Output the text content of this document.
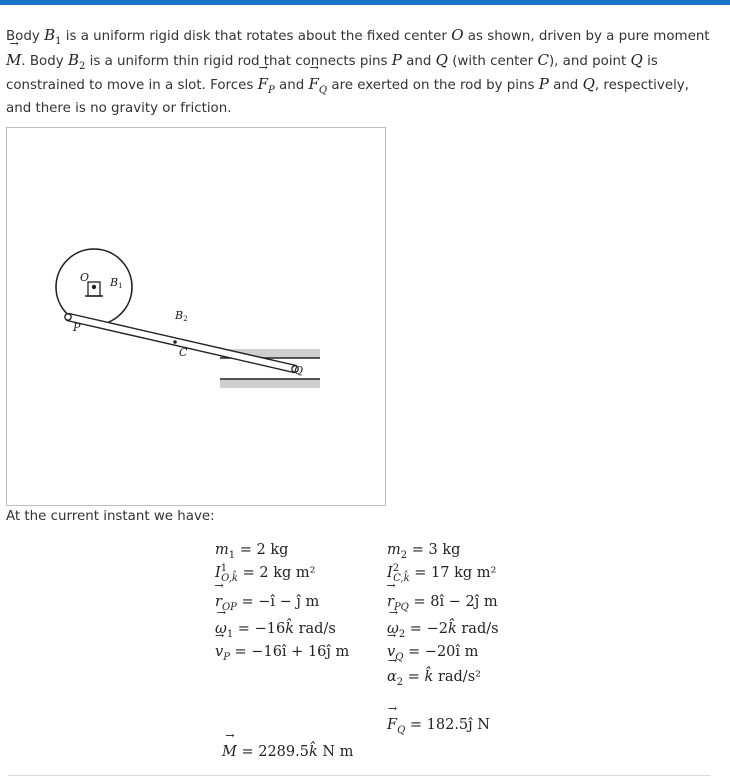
Body $B_1$ is a uniform rigid disk that rotates about the fixed center O as shown, driven by a pure moment → M. Body $B_2$ is a uniform thin rigid rod that connects pins P and Q (with center C), and point Q is constrained to move in a slot. Forces → $F_P$ and → $F_Q$ are exerted on the rod by pins P and Q, respectively, and there is no gravity or friction.
O B1
B2
P
C
Q
At the current instant we have:
$m_1 = 2$ kg
$I^1_{O,k̂} = 2$ kg m²
→ $r_{OP}$ = −ı̂ − ȷ̂ m
→ $\omega_1$ = −16k̂ rad/s
→ $v_P$ = −16ı̂ + 16ȷ̂ m
$m_2 = 3$ kg
$I^2_{C,k̂} = 17$ kg m²
→ $r_{PQ}$ = 8ı̂ − 2ȷ̂ m
→ $\omega_2$ = −2k̂ rad/s
→ $v_Q$ = −20ı̂ m
→ $\alpha_2$ = k̂ rad/s²
→ $F_Q$ = 182.5ȷ̂ N
→ M = 2289.5k̂ N m
